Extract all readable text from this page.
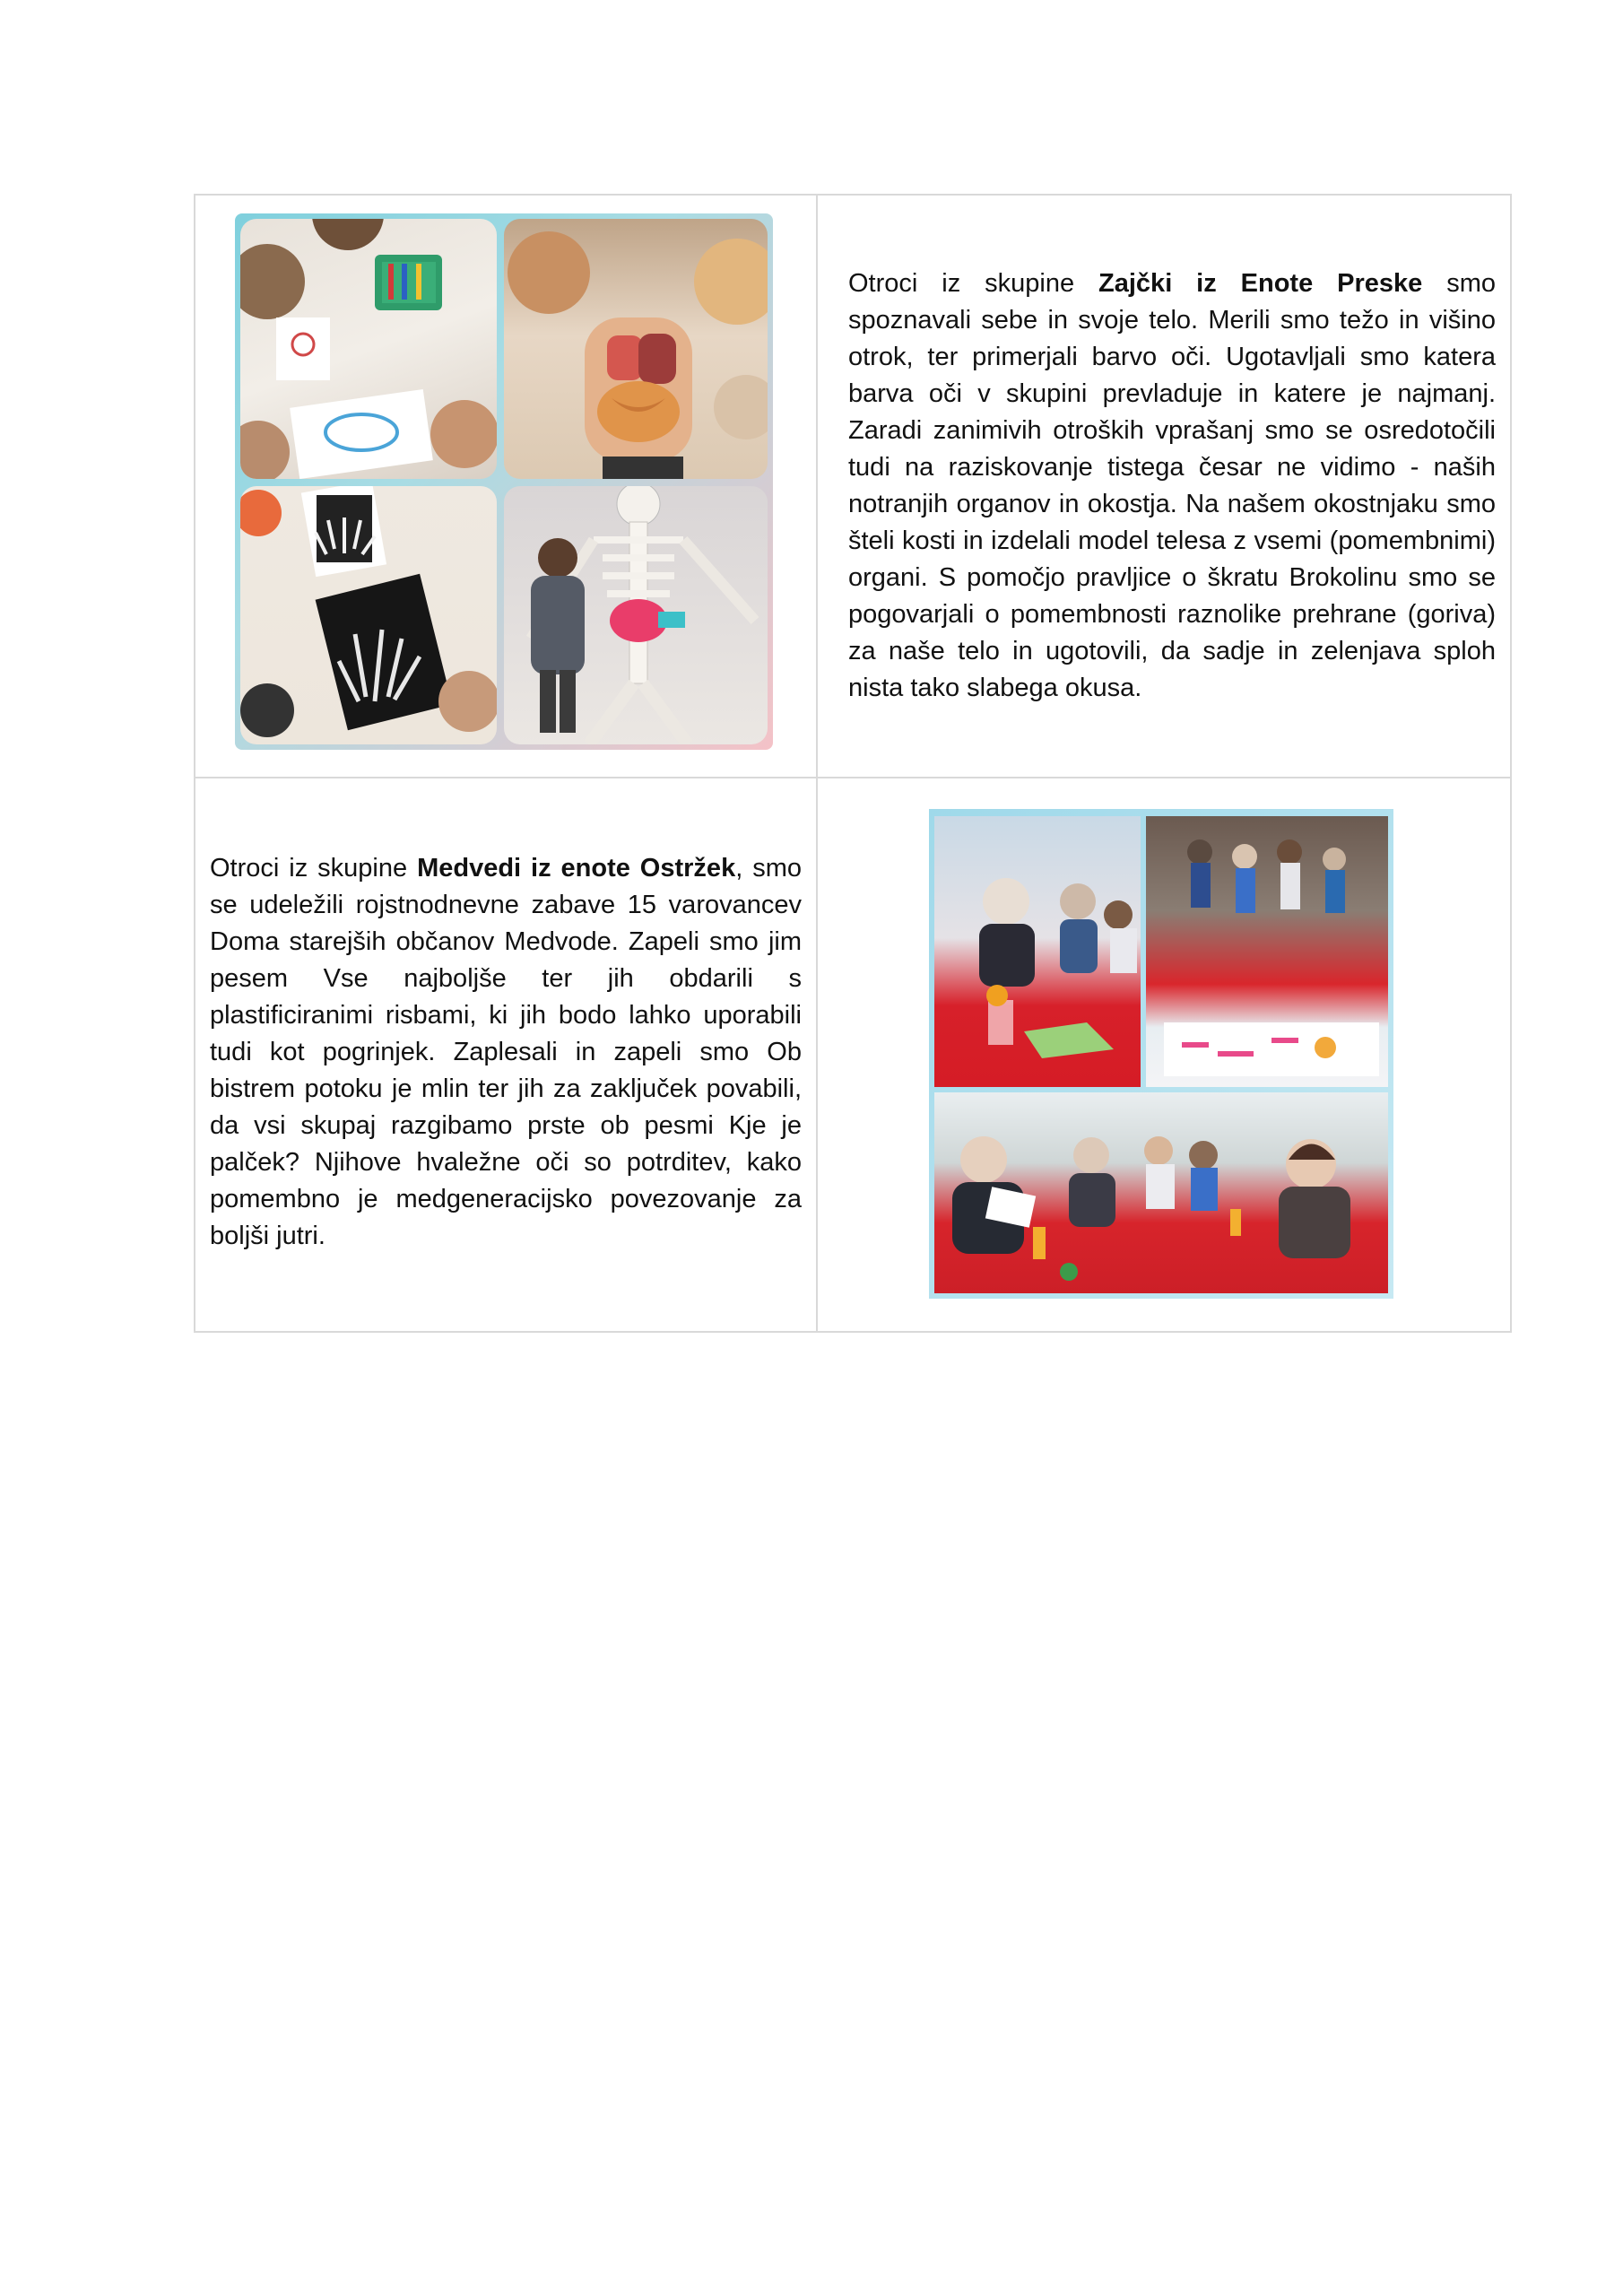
Otroci iz skupine Zajčki iz Enote Preske smo spoznavali sebe in svoje telo. Merili smo težo in višino otrok, ter primerjali barvo oči. Ugotavljali smo katera barva oči v skupini prevladuje in katere je najmanj. Zaradi zanimivih otroških vprašanj smo se osredotočili tudi na raziskovanje tistega česar ne vidimo - naših notranjih organov in okostja. Na našem okostnjaku smo šteli kosti in izdelali model telesa z vsemi (pomembnimi) organi. S pomočjo pravljice o škratu Brokolinu smo se pogovarjali o pomembnosti raznolike prehrane (goriva) za naše telo in ugotovili, da sadje in zelenjava sploh nista tako slabega okusa.
Otroci iz skupine Medvedi iz enote Ostržek, smo se udeležili rojstnodnevne zabave 15 varovancev Doma starejših občanov Medvode. Zapeli smo jim pesem Vse najboljše ter jih obdarili s plastificiranimi risbami, ki jih bodo lahko uporabili tudi kot pogrinjek. Zaplesali in zapeli smo Ob bistrem potoku je mlin ter jih za zaključek povabili, da vsi skupaj razgibamo prste ob pesmi Kje je palček? Njihove hvaležne oči so potrditev, kako pomembno je medgeneracijsko povezovanje za boljši jutri.
